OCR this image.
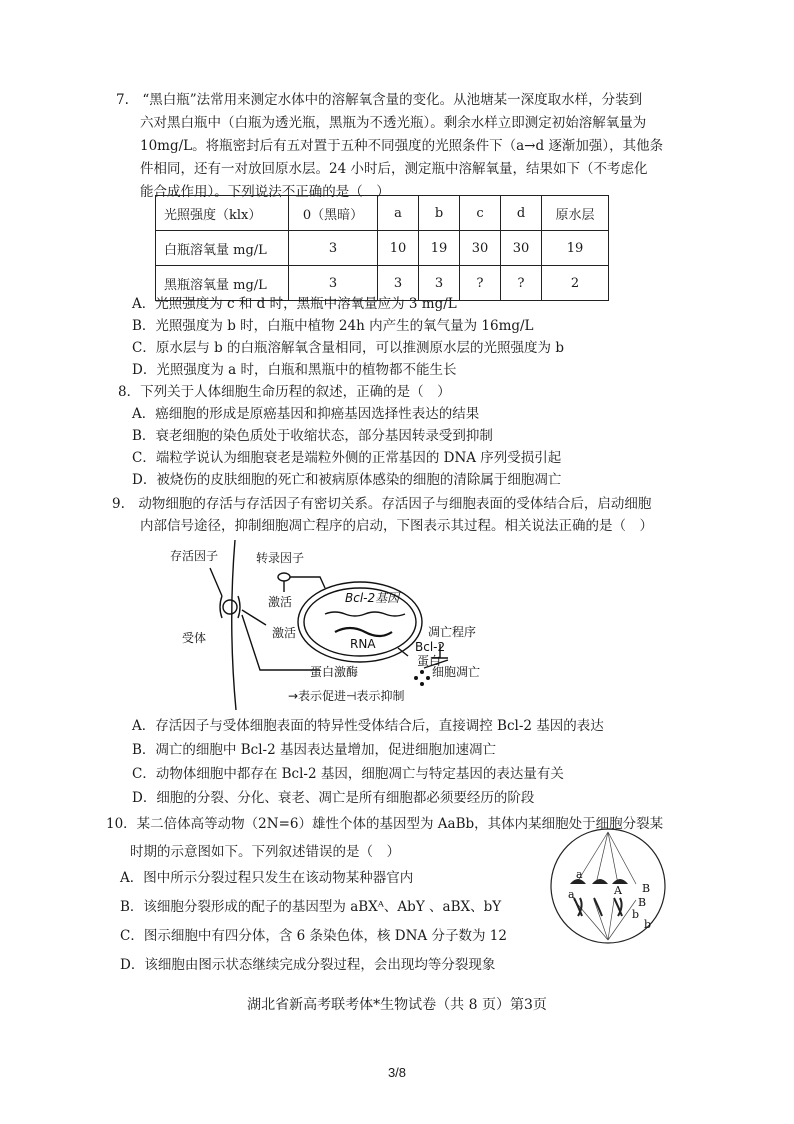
7.　“黑白瓶”法常用来测定水体中的溶解氧含量的变化。从池塘某一深度取水样，分装到
六对黑白瓶中（白瓶为透光瓶，黑瓶为不透光瓶）。剩余水样立即测定初始溶解氧量为
10mg/L。将瓶密封后有五对置于五种不同强度的光照条件下（a→d 逐渐加强），其他条
件相同，还有一对放回原水层。24 小时后，测定瓶中溶解氧量，结果如下（不考虑化
能合成作用）。下列说法不正确的是（　）
光照强度（klx）	0（黑暗）	a	b	c	d	原水层
白瓶溶氧量 mg/L	3	10	19	30	30	19
黑瓶溶氧量 mg/L	3	3	3	?	?	2
A．光照强度为 c 和 d 时，黑瓶中溶氧量应为 3 mg/L
B．光照强度为 b 时，白瓶中植物 24h 内产生的氧气量为 16mg/L
C．原水层与 b 的白瓶溶解氧含量相同，可以推测原水层的光照强度为 b
D．光照强度为 a 时，白瓶和黑瓶中的植物都不能生长
8．下列关于人体细胞生命历程的叙述，正确的是（　）
A．癌细胞的形成是原癌基因和抑癌基因选择性表达的结果
B．衰老细胞的染色质处于收缩状态，部分基因转录受到抑制
C．端粒学说认为细胞衰老是端粒外侧的正常基因的 DNA 序列受损引起
D．被烧伤的皮肤细胞的死亡和被病原体感染的细胞的清除属于细胞凋亡
9.　动物细胞的存活与存活因子有密切关系。存活因子与细胞表面的受体结合后，启动细胞
内部信号途径，抑制细胞凋亡程序的启动，下图表示其过程。相关说法正确的是（　）
存活因子	转录因子
激活	Bcl-2基因
凋亡程序
受体	激活
RNA	Bcl-2
蛋白
蛋白激酶	细胞凋亡
→表示促进⊣表示抑制
A．存活因子与受体细胞表面的特异性受体结合后，直接调控 Bcl-2 基因的表达
B．凋亡的细胞中 Bcl-2 基因表达量增加，促进细胞加速凋亡
C．动物体细胞中都存在 Bcl-2 基因，细胞凋亡与特定基因的表达量有关
D．细胞的分裂、分化、衰老、凋亡是所有细胞都必须要经历的阶段
10．某二倍体高等动物（2N=6）雄性个体的基因型为 AaBb，其体内某细胞处于细胞分裂某
时期的示意图如下。下列叙述错误的是（　）
A．图中所示分裂过程只发生在该动物某种器官内
B．该细胞分裂形成的配子的基因型为 aBXᴬ、AbY 、aBX、bY
C．图示细胞中有四分体，含 6 条染色体，核 DNA 分子数为 12
D．该细胞由图示状态继续完成分裂过程，会出现均等分裂现象
a
A B
a
B
b
b
湖北省新高考联考体*生物试卷（共 8 页）第3页
3/8
